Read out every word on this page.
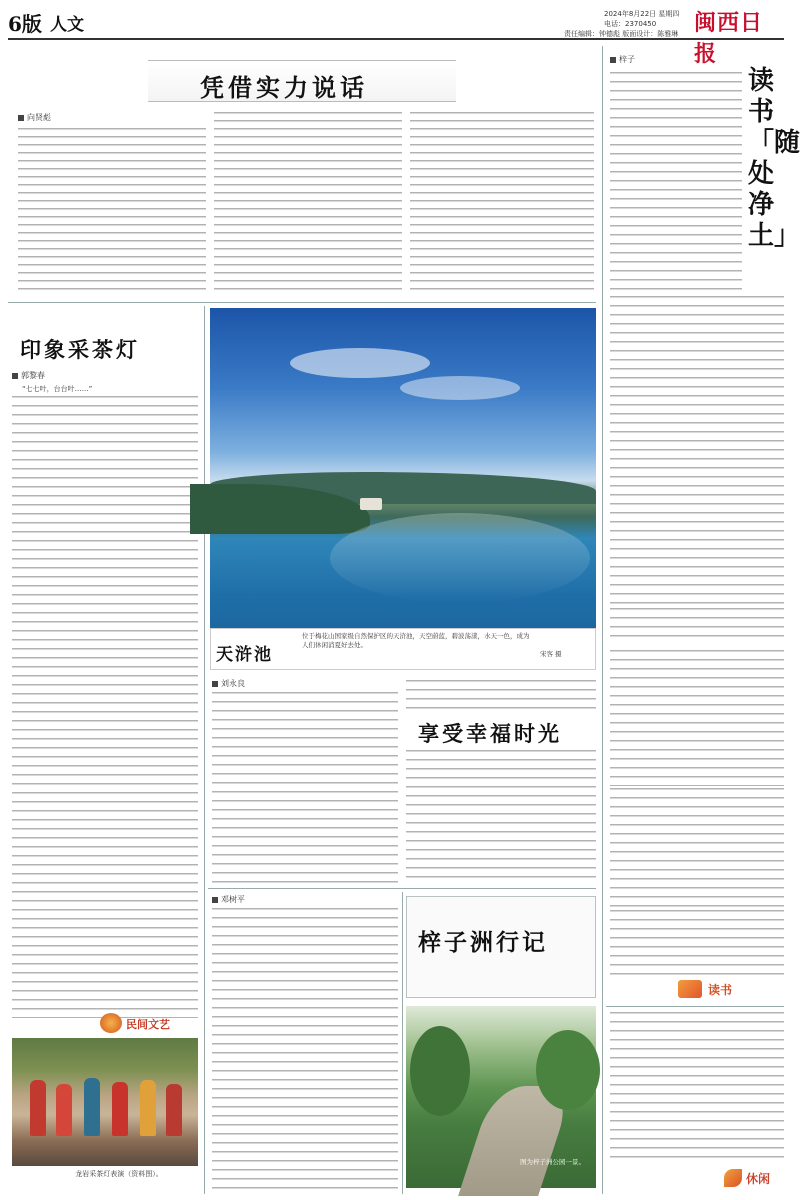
6版 人文
2024年8月22日 星期四
电话：2370450
责任编辑：钟德彪 版面设计：陈雅琳 闽西日报
凭借实力说话
向贤彪
梓子
读书「随处净土」
读书
印象采茶灯
郭黎春
“七七叶，台台叶……”
民间文艺
龙岩采茶灯表演（资料图）。
天浒池
位于梅花山国家级自然保护区的天浒池，天空蔚蓝，碧波荡漾，水天一色，成为人们休闲消夏好去处。
宋客 摄
刘永良
享受幸福时光
邓树平
梓子洲行记
图为梓子洲公园一景。
休闲
